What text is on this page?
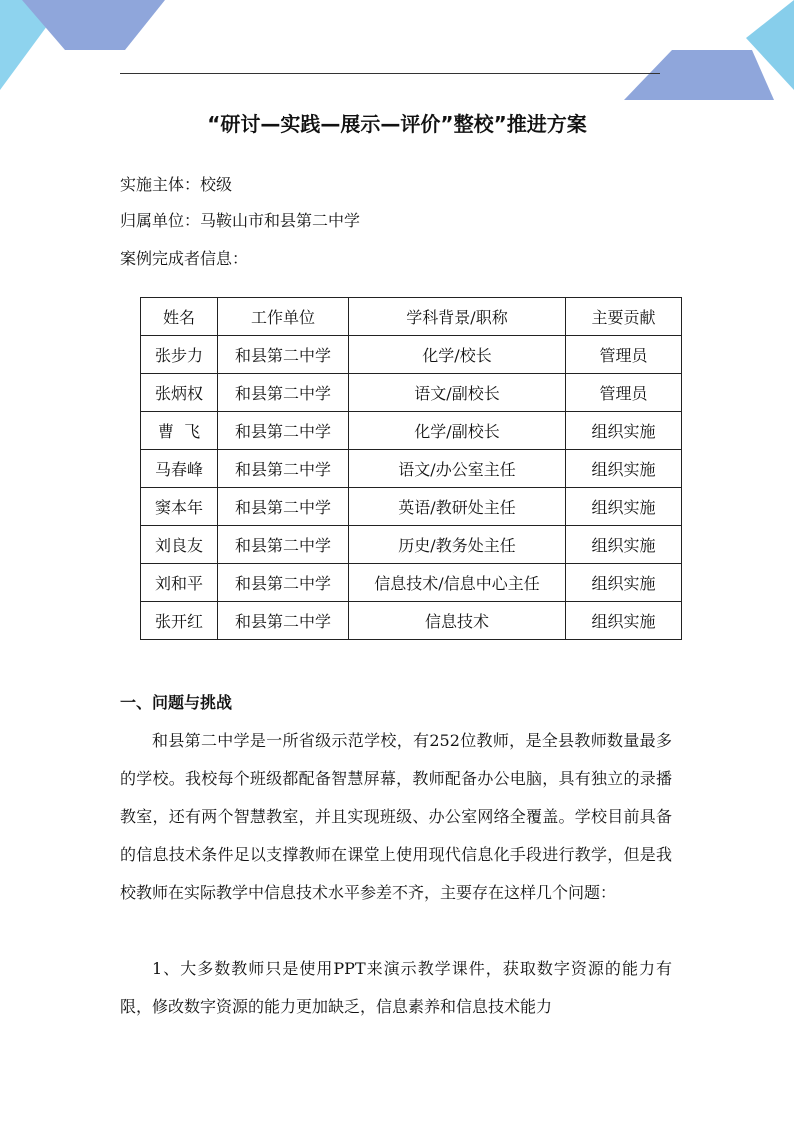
“研讨—实践—展示—评价”整校”推进方案
实施主体：校级
归属单位：马鞍山市和县第二中学
案例完成者信息：
姓名	工作单位	学科背景/职称	主要贡献
张步力	和县第二中学	化学/校长	管理员
张炳权	和县第二中学	语文/副校长	管理员
曹  飞	和县第二中学	化学/副校长	组织实施
马春峰	和县第二中学	语文/办公室主任	组织实施
窦本年	和县第二中学	英语/教研处主任	组织实施
刘良友	和县第二中学	历史/教务处主任	组织实施
刘和平	和县第二中学	信息技术/信息中心主任	组织实施
张开红	和县第二中学	信息技术	组织实施
一、问题与挑战

和县第二中学是一所省级示范学校，有252位教师，是全县教师数量最多的学校。我校每个班级都配备智慧屏幕，教师配备办公电脑，具有独立的录播教室，还有两个智慧教室，并且实现班级、办公室网络全覆盖。学校目前具备的信息技术条件足以支撑教师在课堂上使用现代信息化手段进行教学，但是我校教师在实际教学中信息技术水平参差不齐，主要存在这样几个问题：

1、大多数教师只是使用PPT来演示教学课件，获取数字资源的能力有限，修改数字资源的能力更加缺乏，信息素养和信息技术能力
